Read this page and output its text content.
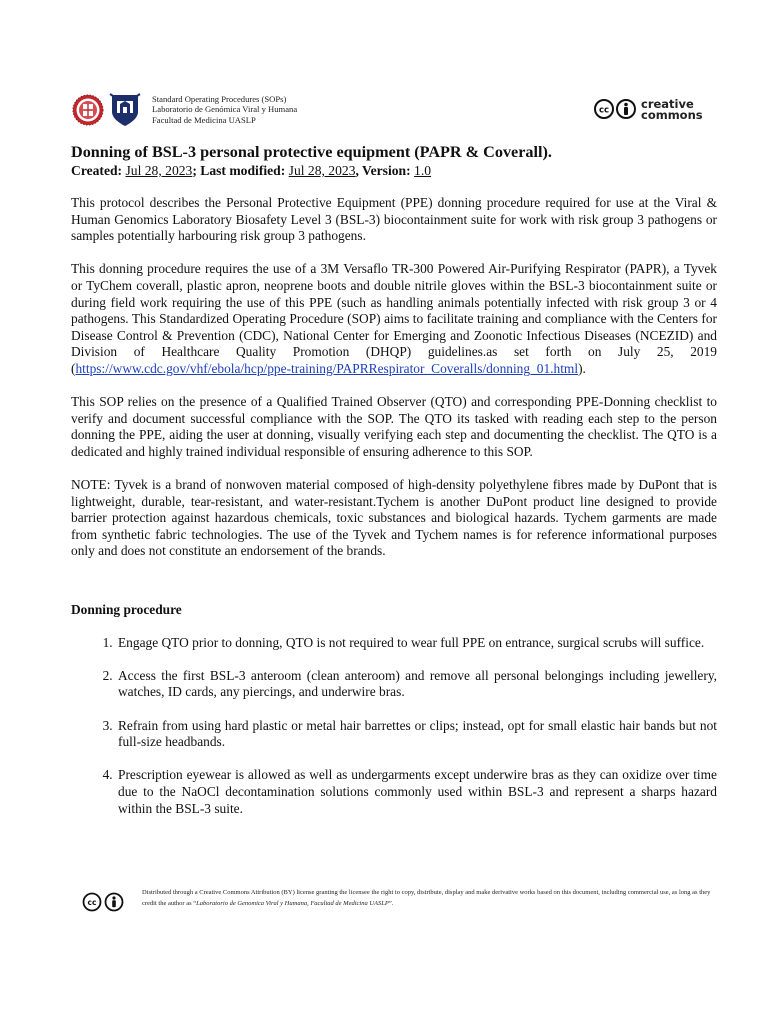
Standard Operating Procedures (SOPs)
Laboratorio de Genómica Viral y Humana
Facultad de Medicina UASLP
cc	creative
commons
Donning of BSL-3 personal protective equipment (PAPR & Coverall).
Created: Jul 28, 2023; Last modified: Jul 28, 2023, Version: 1.0

This protocol describes the Personal Protective Equipment (PPE) donning procedure required for use at the Viral & Human Genomics Laboratory Biosafety Level 3 (BSL-3) biocontainment suite for work with risk group 3 pathogens or samples potentially harbouring risk group 3 pathogens.

This donning procedure requires the use of a 3M Versaflo TR-300 Powered Air-Purifying Respirator (PAPR), a Tyvek or TyChem coverall, plastic apron, neoprene boots and double nitrile gloves within the BSL-3 biocontainment suite or during field work requiring the use of this PPE (such as handling animals potentially infected with risk group 3 or 4 pathogens. This Standardized Operating Procedure (SOP) aims to facilitate training and compliance with the Centers for Disease Control & Prevention (CDC), National Center for Emerging and Zoonotic Infectious Diseases (NCEZID) and Division of Healthcare Quality Promotion (DHQP) guidelines.as set forth on July 25, 2019 (https://www.cdc.gov/vhf/ebola/hcp/ppe-training/PAPRRespirator_Coveralls/donning_01.html).

This SOP relies on the presence of a Qualified Trained Observer (QTO) and corresponding PPE-Donning checklist to verify and document successful compliance with the SOP. The QTO its tasked with reading each step to the person donning the PPE, aiding the user at donning, visually verifying each step and documenting the checklist. The QTO is a dedicated and highly trained individual responsible of ensuring adherence to this SOP.

NOTE: Tyvek is a brand of nonwoven material composed of high-density polyethylene fibres made by DuPont that is lightweight, durable, tear-resistant, and water-resistant.Tychem is another DuPont product line designed to provide barrier protection against hazardous chemicals, toxic substances and biological hazards. Tychem garments are made from synthetic fabric technologies. The use of the Tyvek and Tychem names is for reference informational purposes only and does not constitute an endorsement of the brands.

Donning procedure
1. Engage QTO prior to donning, QTO is not required to wear full PPE on entrance, surgical scrubs will suffice.
2. Access the first BSL-3 anteroom (clean anteroom) and remove all personal belongings including jewellery, watches, ID cards, any piercings, and underwire bras.
3. Refrain from using hard plastic or metal hair barrettes or clips; instead, opt for small elastic hair bands but not full-size headbands.
4. Prescription eyewear is allowed as well as undergarments except underwire bras as they can oxidize over time due to the NaOCl decontamination solutions commonly used within BSL-3 and represent a sharps hazard within the BSL-3 suite.
cc
Distributed through a Creative Commons Attribution (BY) license granting the licensee the right to copy, distribute, display and make derivative works based on this document, including commercial use, as long as they credit the author as “Laboratorio de Genomica Viral y Humana, Facultad de Medicina UASLP”.
